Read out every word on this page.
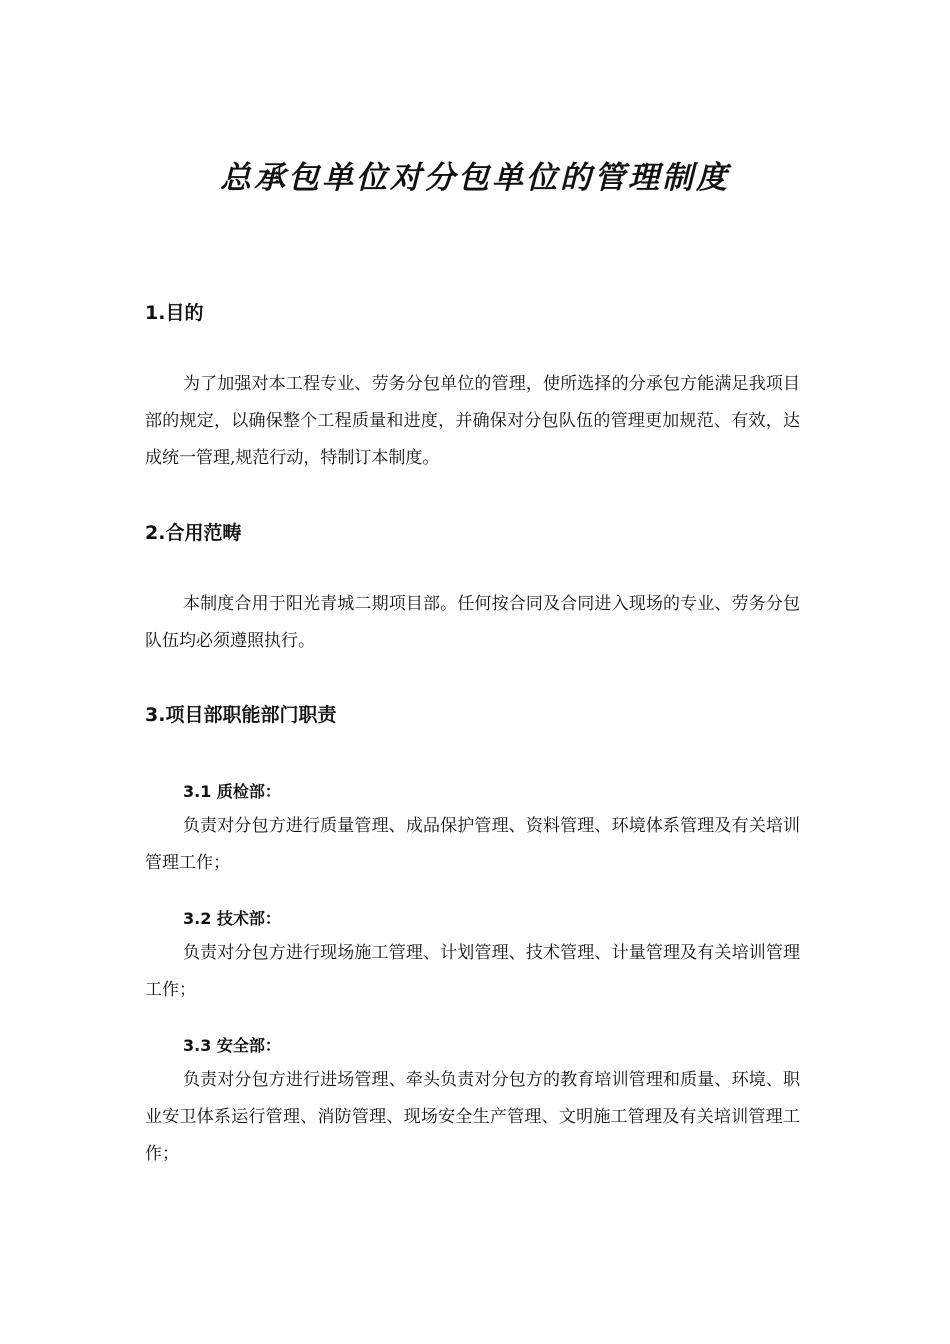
总承包单位对分包单位的管理制度
1.目的

为了加强对本工程专业、劳务分包单位的管理，使所选择的分承包方能满足我项目部的规定，以确保整个工程质量和进度，并确保对分包队伍的管理更加规范、有效，达成统一管理,规范行动，特制订本制度。

2.合用范畴

本制度合用于阳光青城二期项目部。任何按合同及合同进入现场的专业、劳务分包队伍均必须遵照执行。

3.项目部职能部门职责
3.1 质检部：

负责对分包方进行质量管理、成品保护管理、资料管理、环境体系管理及有关培训管理工作；

3.2 技术部：

负责对分包方进行现场施工管理、计划管理、技术管理、计量管理及有关培训管理工作；

3.3 安全部：

负责对分包方进行进场管理、牵头负责对分包方的教育培训管理和质量、环境、职业安卫体系运行管理、消防管理、现场安全生产管理、文明施工管理及有关培训管理工作；
